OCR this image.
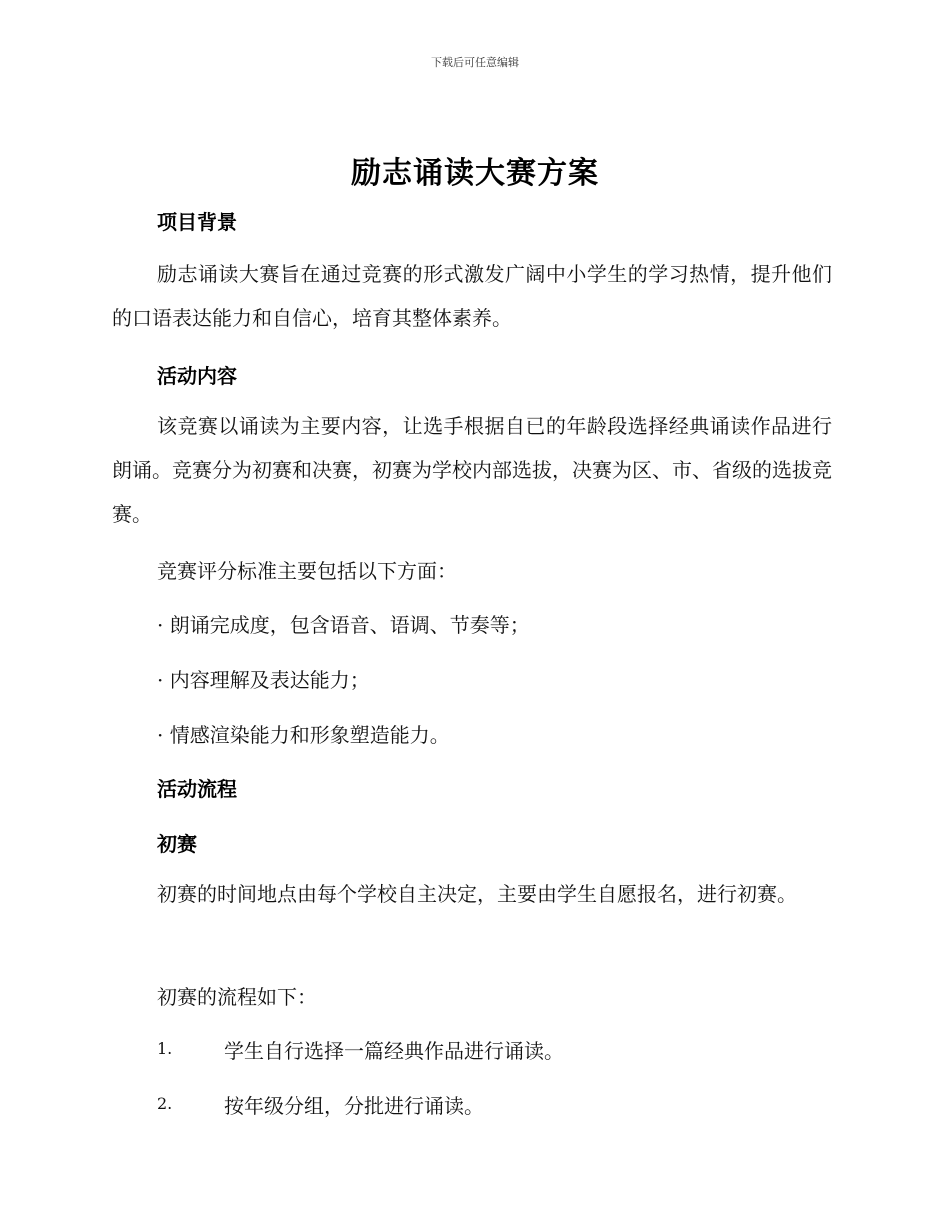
下载后可任意编辑
励志诵读大赛方案
项目背景
励志诵读大赛旨在通过竞赛的形式激发广阔中小学生的学习热情，提升他们的口语表达能力和自信心，培育其整体素养。
活动内容
该竞赛以诵读为主要内容，让选手根据自已的年龄段选择经典诵读作品进行朗诵。竞赛分为初赛和决赛，初赛为学校内部选拔，决赛为区、市、省级的选拔竞赛。
竞赛评分标准主要包括以下方面：
· 朗诵完成度，包含语音、语调、节奏等；
· 内容理解及表达能力；
· 情感渲染能力和形象塑造能力。
活动流程
初赛
初赛的时间地点由每个学校自主决定，主要由学生自愿报名，进行初赛。
初赛的流程如下：
1.	学生自行选择一篇经典作品进行诵读。
2.	按年级分组，分批进行诵读。
